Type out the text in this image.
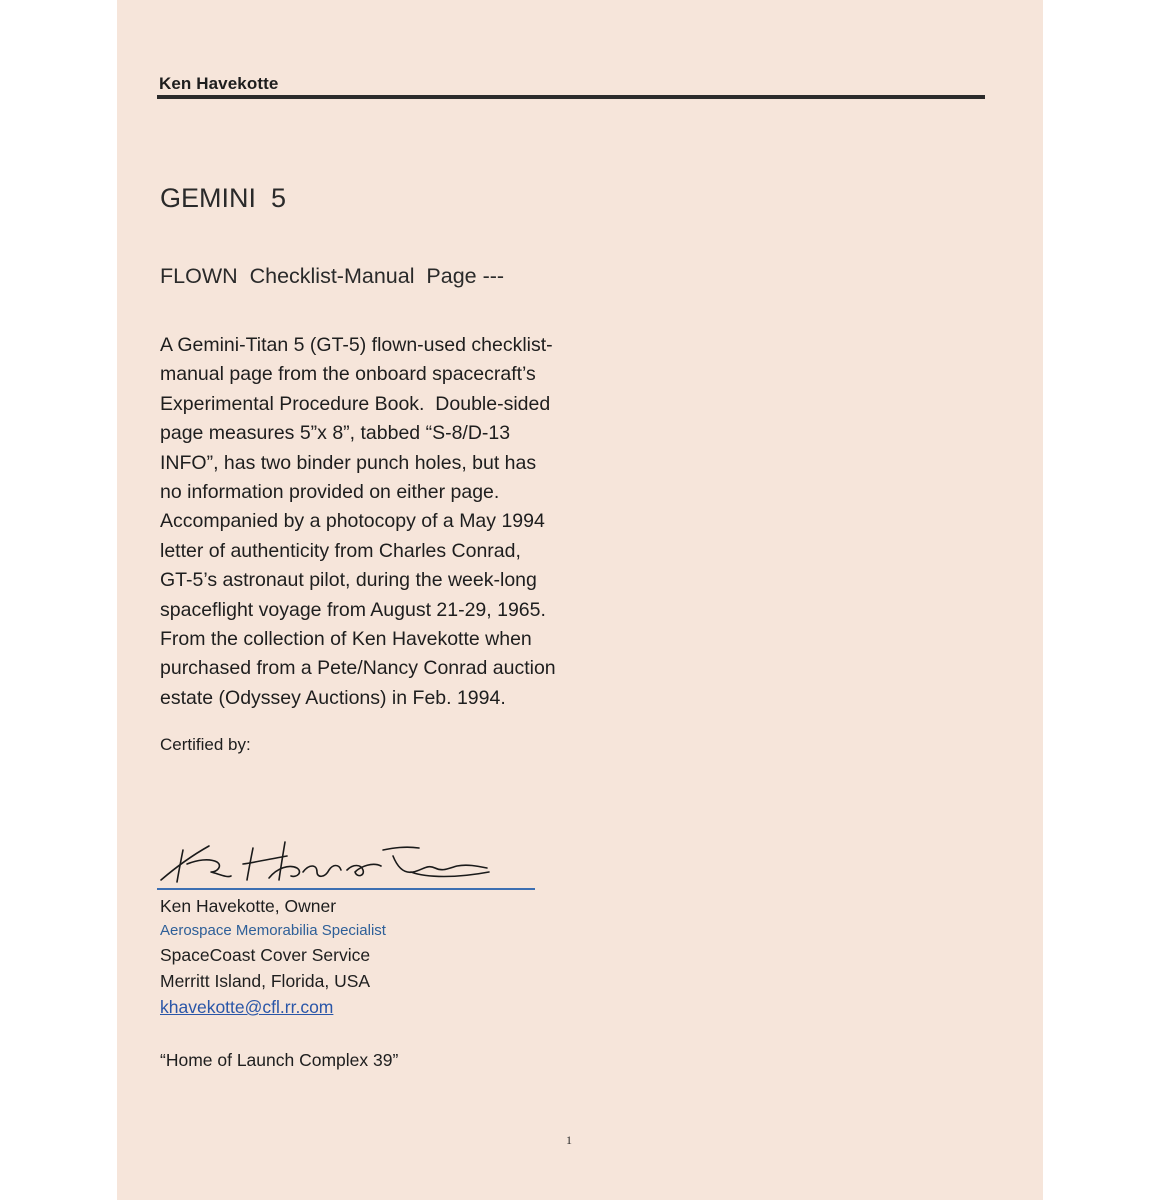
Ken Havekotte
GEMINI  5
FLOWN  Checklist-Manual  Page ---
A Gemini-Titan 5 (GT-5) flown-used checklist-
manual page from the onboard spacecraft’s
Experimental Procedure Book.  Double-sided
page measures 5”x 8”, tabbed “S-8/D-13
INFO”, has two binder punch holes, but has
no information provided on either page.
Accompanied by a photocopy of a May 1994
letter of authenticity from Charles Conrad,
GT-5’s astronaut pilot, during the week-long
spaceflight voyage from August 21-29, 1965.
From the collection of Ken Havekotte when
purchased from a Pete/Nancy Conrad auction
estate (Odyssey Auctions) in Feb. 1994.
Certified by:
Ken Havekotte, Owner
Aerospace Memorabilia Specialist
SpaceCoast Cover Service
Merritt Island, Florida, USA
khavekotte@cfl.rr.com
“Home of Launch Complex 39”
1
